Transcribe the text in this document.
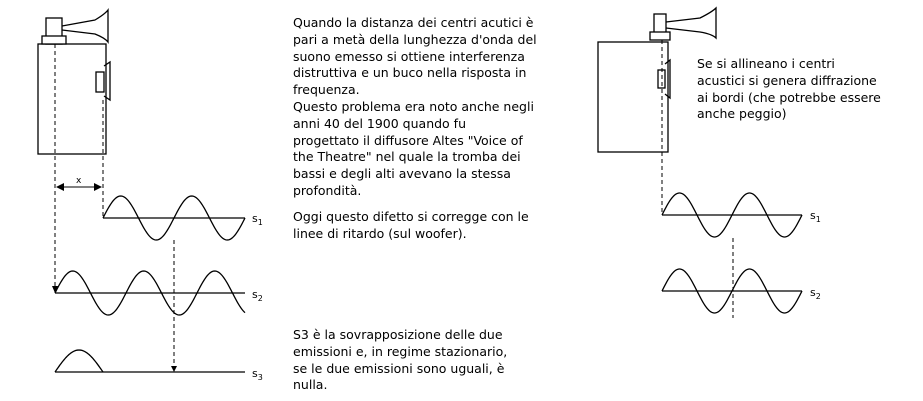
x
$s_1$
$s_2$
$s_3$
$s_1$
$s_2$
Quando la distanza dei centri acutici è
pari a metà della lunghezza d'onda del
suono emesso si ottiene interferenza
distruttiva e un buco nella risposta in
frequenza.
Questo problema era noto anche negli
anni 40 del 1900 quando fu
progettato il diffusore Altes "Voice of
the Theatre" nel quale la tromba dei
bassi e degli alti avevano la stessa
profondità.
Oggi questo difetto si corregge con le
linee di ritardo (sul woofer).
S3 è la sovrapposizione delle due
emissioni e, in regime stazionario,
se le due emissioni sono uguali, è
nulla.
Se si allineano i centri
acustici si genera diffrazione
ai bordi (che potrebbe essere
anche peggio)
